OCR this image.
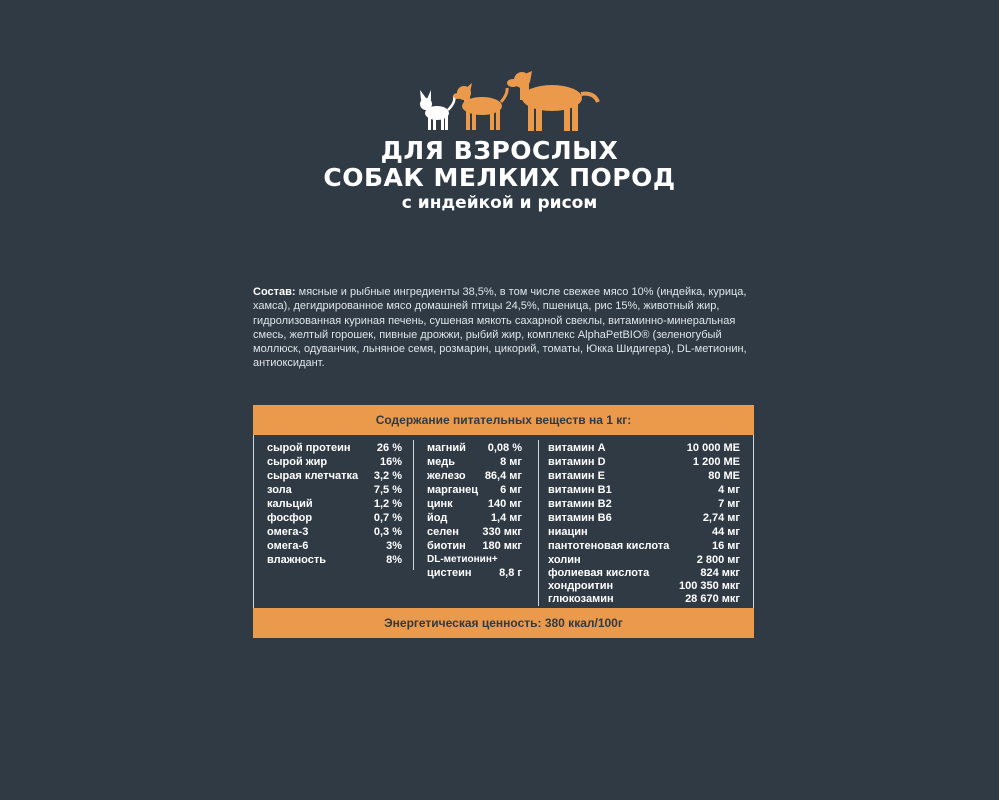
ДЛЯ ВЗРОСЛЫХ
СОБАК МЕЛКИХ ПОРОД
с индейкой и рисом
Состав: мясные и рыбные ингредиенты 38,5%, в том числе свежее мясо 10% (индейка, курица, хамса), дегидрированное мясо домашней птицы 24,5%, пшеница, рис 15%, животный жир, гидролизованная куриная печень, сушеная мякоть сахарной свеклы, витаминно-минеральная смесь, желтый горошек, пивные дрожжи, рыбий жир, комплекс AlphaPetBIO® (зеленогубый моллюск, одуванчик, льняное семя, розмарин, цикорий, томаты, Юкка Шидигера), DL-метионин, антиоксидант.
Содержание питательных веществ на 1 кг:
сырой протеин 26 %
сырой жир	16%
сырая клетчатка 3,2 %
зола	7,5 %
кальций	1,2 %
фосфор	0,7 %
омега-3	0,3 %
омега-6	3%
влажность	8%
магний 0,08 %
медь	8 мг
железо 86,4 мг
марганец 6 мг
цинк	140 мг
йод	1,4 мг
селен 330 мкг
биотин 180 мкг
DL-метионин+
цистеин	8,8 г
витамин А	10 000 МЕ
витамин D	1 200 МЕ
витамин Е	80 МЕ
витамин В1	4 мг
витамин В2	7 мг
витамин В6	2,74 мг
ниацин	44 мг
пантотеновая кислота	16 мг
холин	2 800 мг
фолиевая кислота	824 мкг
хондроитин	100 350 мкг
глюкозамин	28 670 мкг
Энергетическая ценность: 380 ккал/100г
